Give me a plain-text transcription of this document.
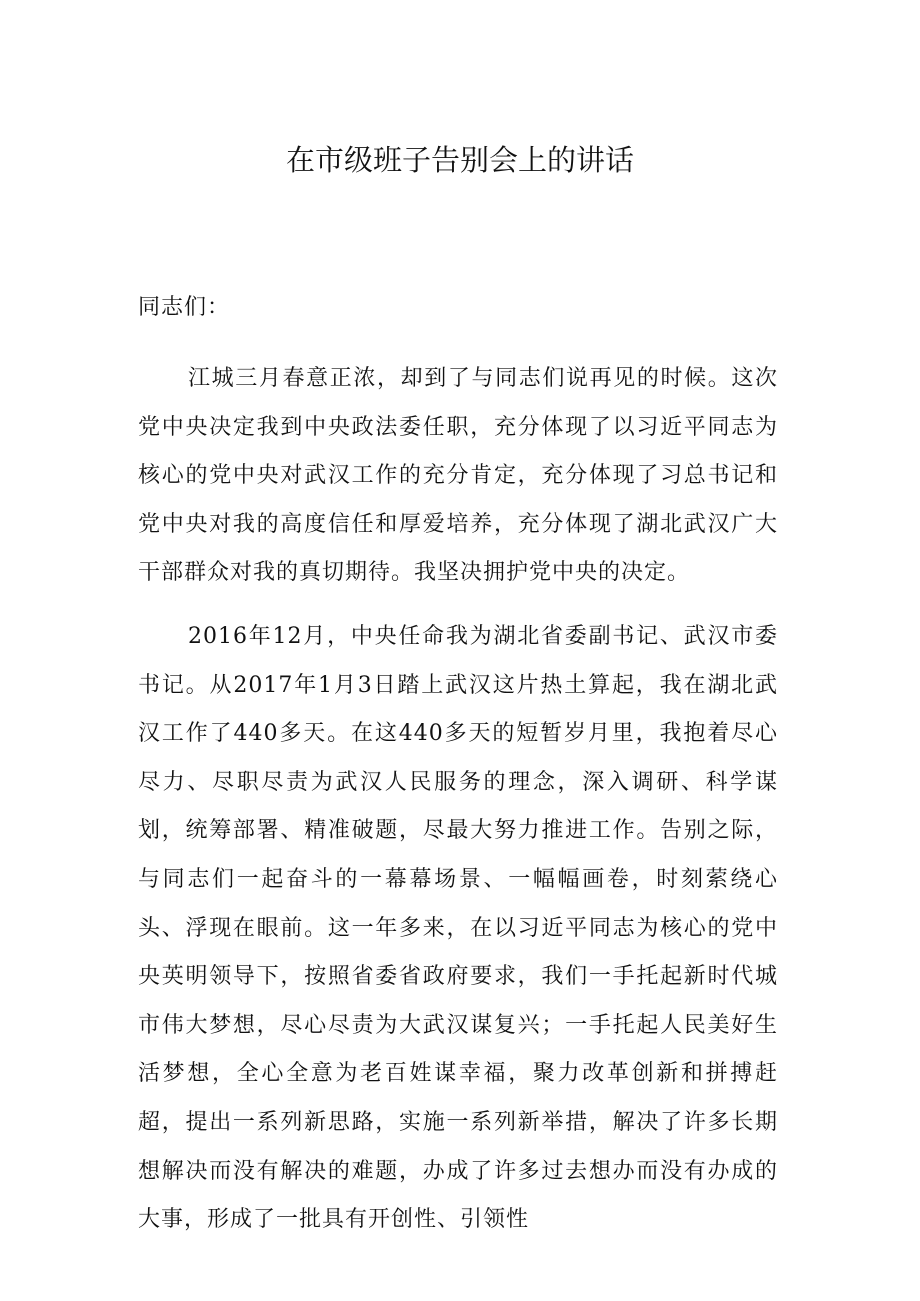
在市级班子告别会上的讲话
同志们：

江城三月春意正浓，却到了与同志们说再见的时候。这次党中央决定我到中央政法委任职，充分体现了以习近平同志为核心的党中央对武汉工作的充分肯定，充分体现了习总书记和党中央对我的高度信任和厚爱培养，充分体现了湖北武汉广大干部群众对我的真切期待。我坚决拥护党中央的决定。

2016年12月，中央任命我为湖北省委副书记、武汉市委书记。从2017年1月3日踏上武汉这片热土算起，我在湖北武汉工作了440多天。在这440多天的短暂岁月里，我抱着尽心尽力、尽职尽责为武汉人民服务的理念，深入调研、科学谋划，统筹部署、精准破题，尽最大努力推进工作。告别之际，与同志们一起奋斗的一幕幕场景、一幅幅画卷，时刻萦绕心头、浮现在眼前。这一年多来，在以习近平同志为核心的党中央英明领导下，按照省委省政府要求，我们一手托起新时代城市伟大梦想，尽心尽责为大武汉谋复兴；一手托起人民美好生活梦想，全心全意为老百姓谋幸福，聚力改革创新和拼搏赶超，提出一系列新思路，实施一系列新举措，解决了许多长期想解决而没有解决的难题，办成了许多过去想办而没有办成的大事，形成了一批具有开创性、引领性
